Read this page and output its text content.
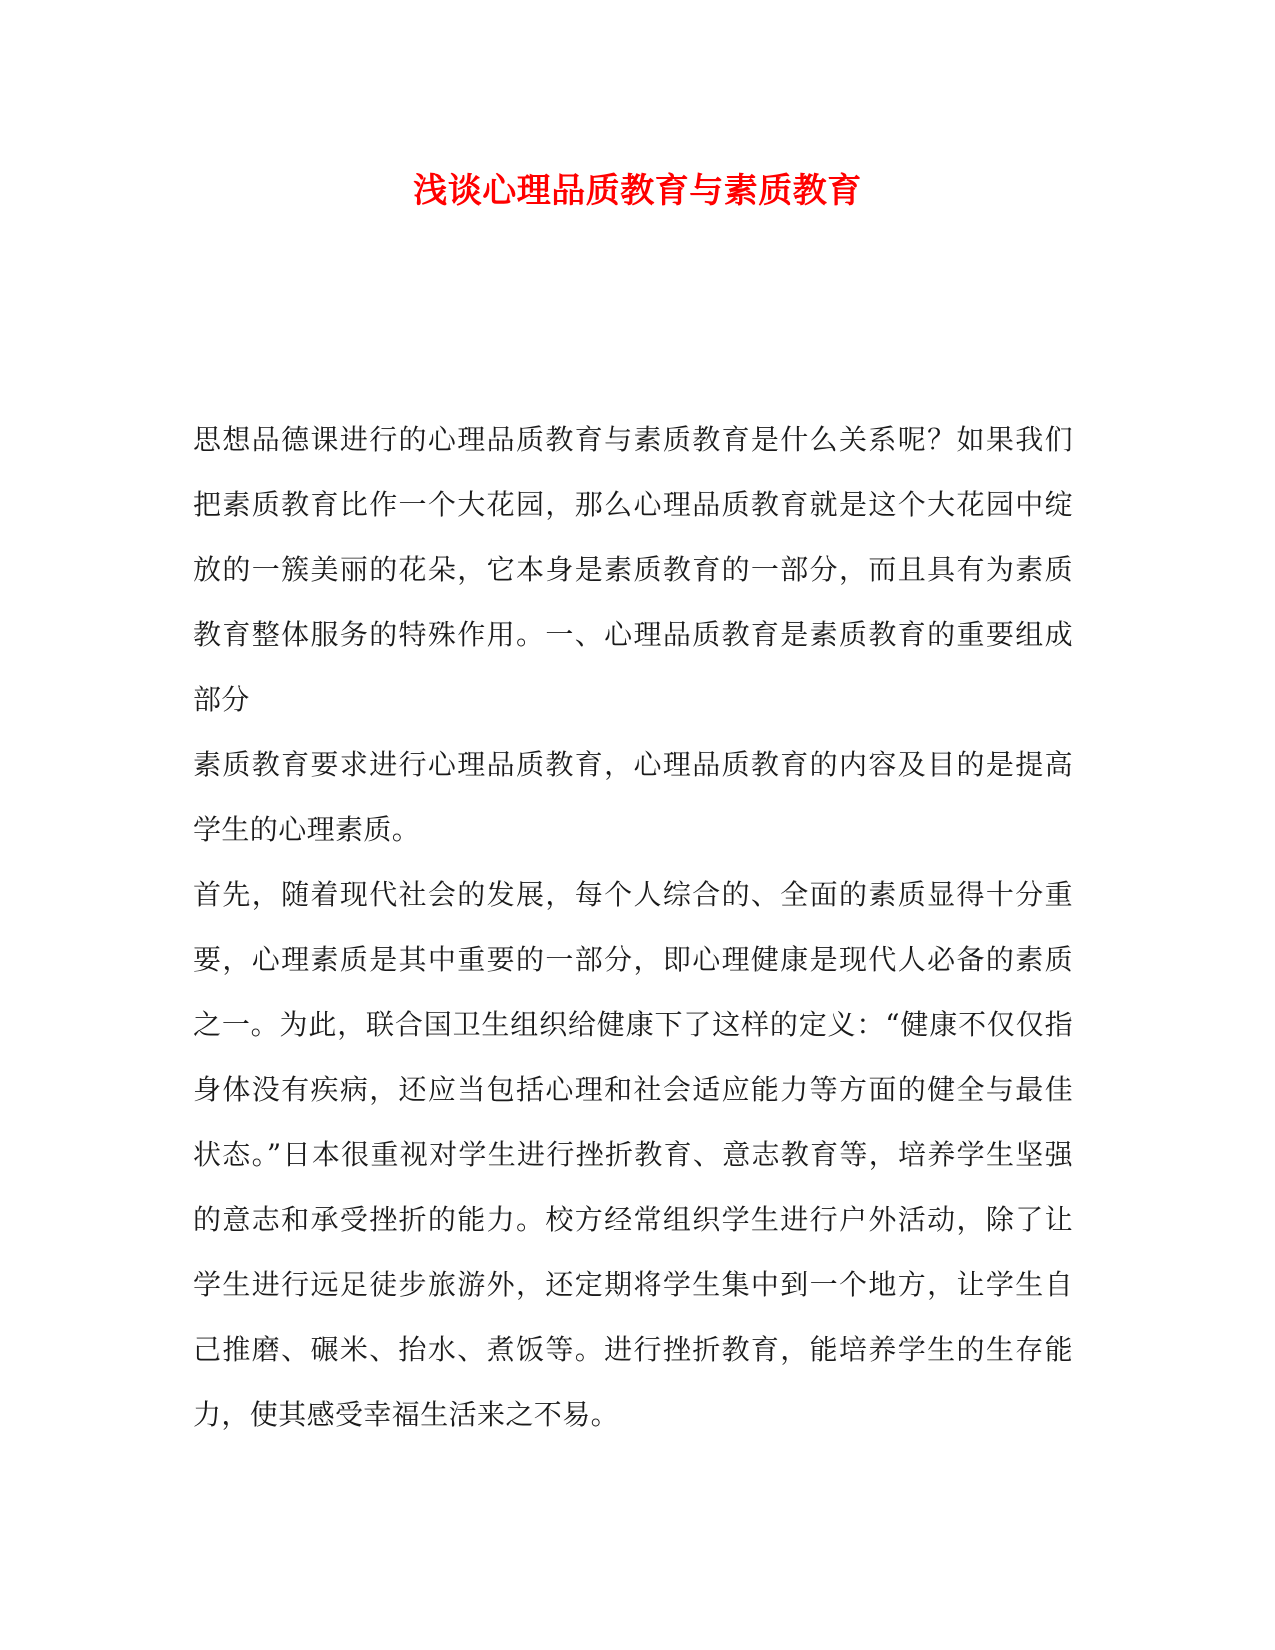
浅谈心理品质教育与素质教育

思想品德课进行的心理品质教育与素质教育是什么关系呢？如果我们把素质教育比作一个大花园，那么心理品质教育就是这个大花园中绽放的一簇美丽的花朵，它本身是素质教育的一部分，而且具有为素质教育整体服务的特殊作用。一、心理品质教育是素质教育的重要组成部分

素质教育要求进行心理品质教育，心理品质教育的内容及目的是提高学生的心理素质。

首先，随着现代社会的发展，每个人综合的、全面的素质显得十分重要，心理素质是其中重要的一部分，即心理健康是现代人必备的素质之一。为此，联合国卫生组织给健康下了这样的定义：“健康不仅仅指身体没有疾病，还应当包括心理和社会适应能力等方面的健全与最佳状态。”日本很重视对学生进行挫折教育、意志教育等，培养学生坚强的意志和承受挫折的能力。校方经常组织学生进行户外活动，除了让学生进行远足徒步旅游外，还定期将学生集中到一个地方，让学生自己推磨、碾米、抬水、煮饭等。进行挫折教育，能培养学生的生存能力，使其感受幸福生活来之不易。
